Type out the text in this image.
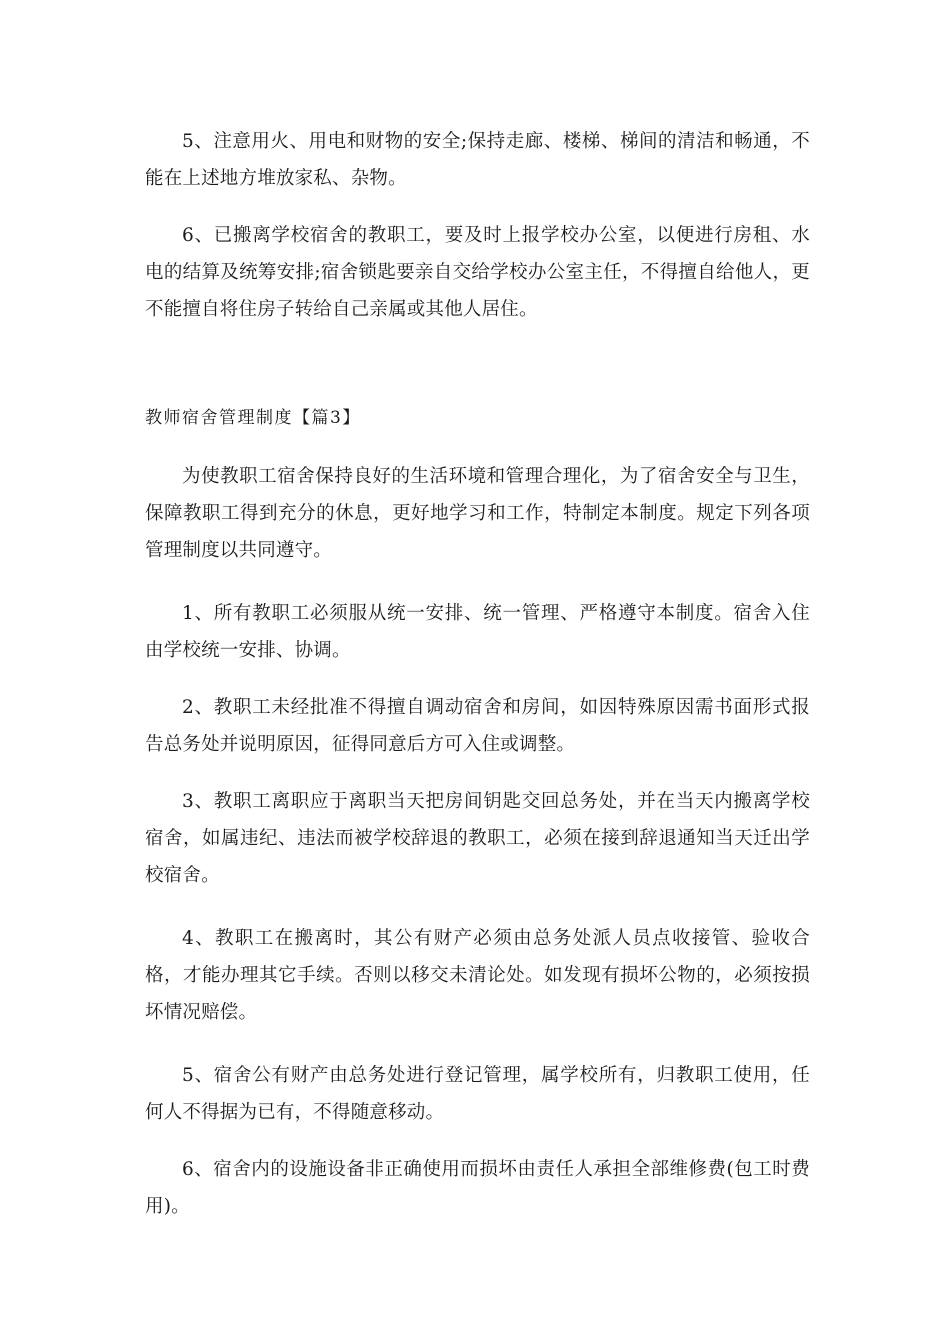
5、注意用火、用电和财物的安全;保持走廊、楼梯、梯间的清洁和畅通，不能在上述地方堆放家私、杂物。

6、已搬离学校宿舍的教职工，要及时上报学校办公室，以便进行房租、水电的结算及统筹安排;宿舍锁匙要亲自交给学校办公室主任，不得擅自给他人，更不能擅自将住房子转给自己亲属或其他人居住。

教师宿舍管理制度【篇3】

为使教职工宿舍保持良好的生活环境和管理合理化，为了宿舍安全与卫生，保障教职工得到充分的休息，更好地学习和工作，特制定本制度。规定下列各项管理制度以共同遵守。

1、所有教职工必须服从统一安排、统一管理、严格遵守本制度。宿舍入住由学校统一安排、协调。

2、教职工未经批准不得擅自调动宿舍和房间，如因特殊原因需书面形式报告总务处并说明原因，征得同意后方可入住或调整。

3、教职工离职应于离职当天把房间钥匙交回总务处，并在当天内搬离学校宿舍，如属违纪、违法而被学校辞退的教职工，必须在接到辞退通知当天迁出学校宿舍。

4、教职工在搬离时，其公有财产必须由总务处派人员点收接管、验收合格，才能办理其它手续。否则以移交未清论处。如发现有损坏公物的，必须按损坏情况赔偿。

5、宿舍公有财产由总务处进行登记管理，属学校所有，归教职工使用，任何人不得据为已有，不得随意移动。

6、宿舍内的设施设备非正确使用而损坏由责任人承担全部维修费(包工时费用)。
